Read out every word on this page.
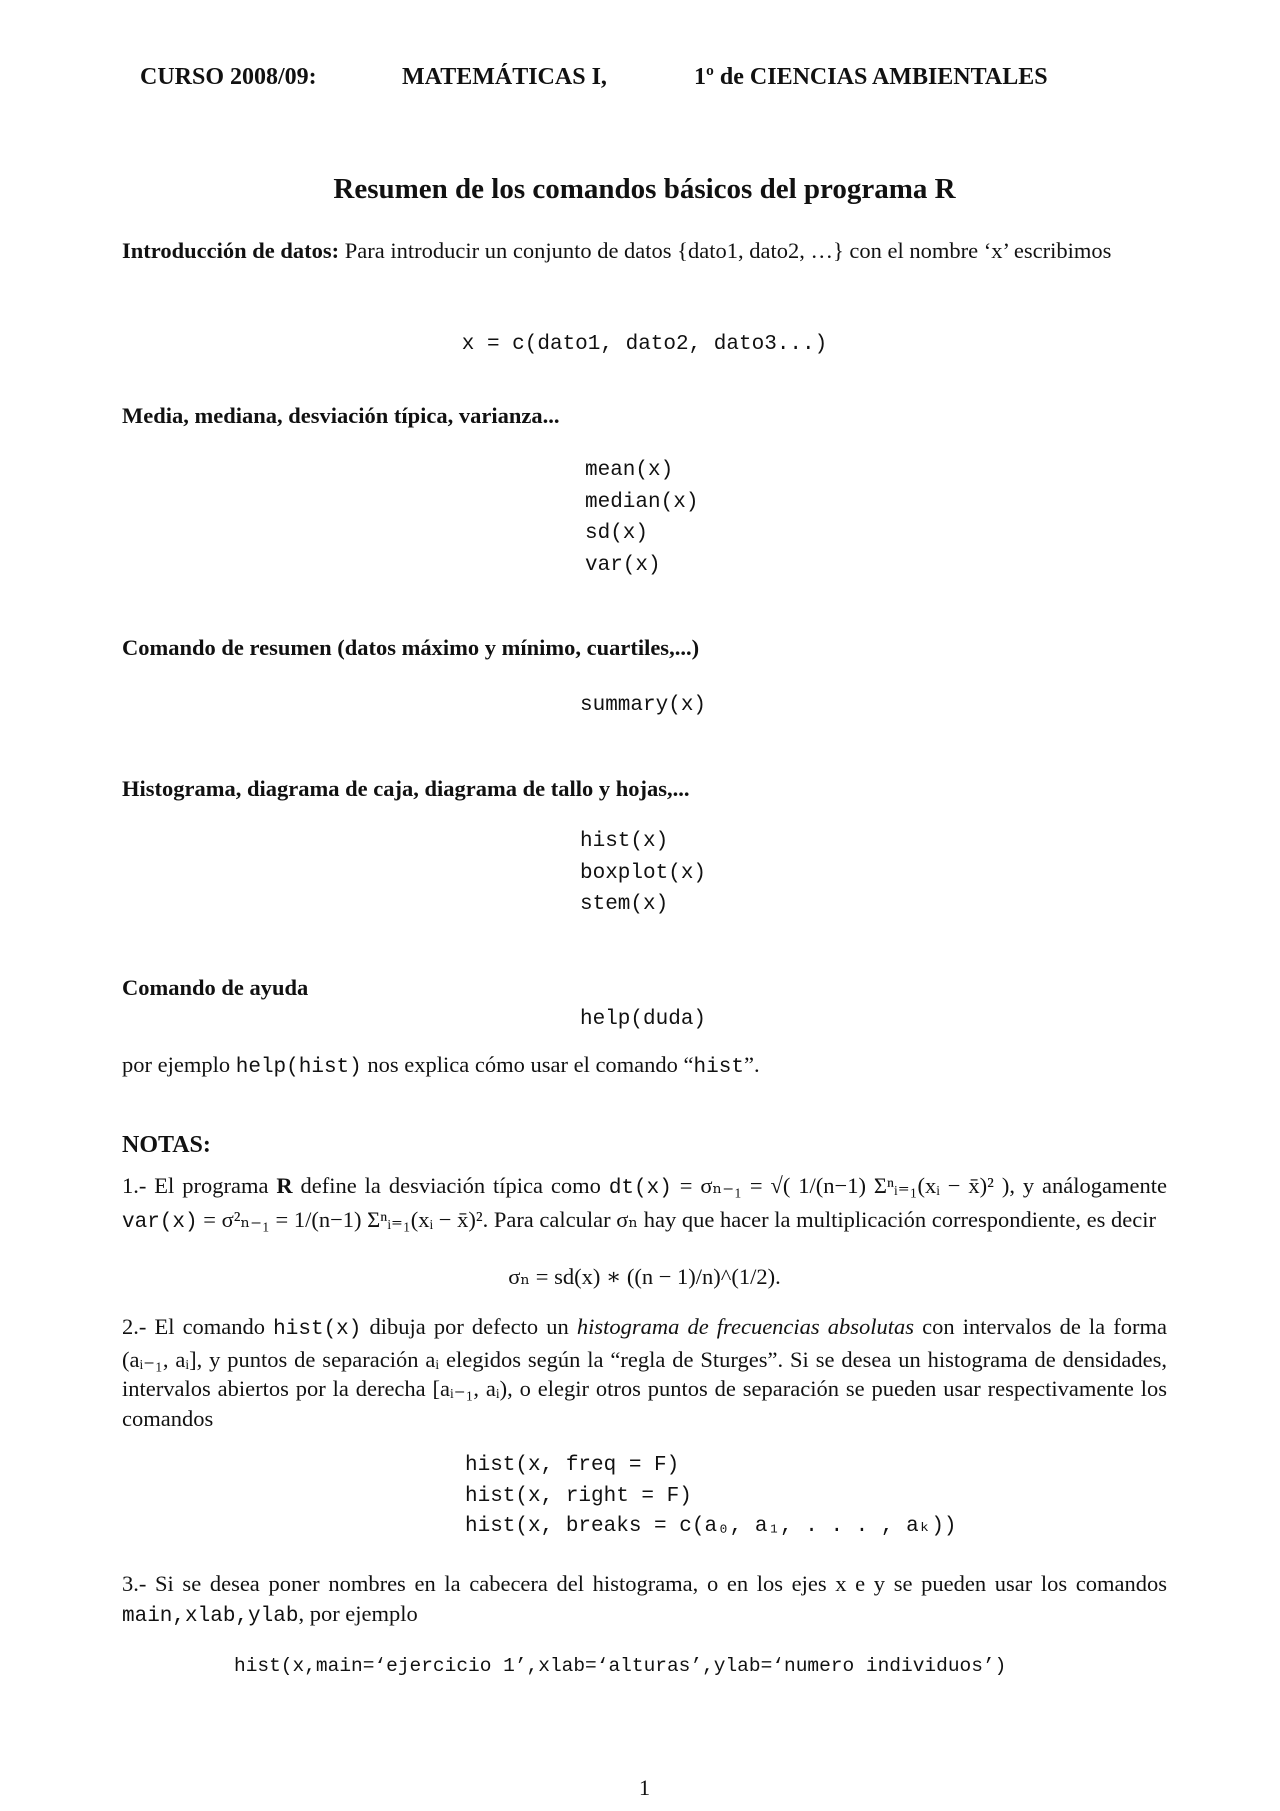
CURSO 2008/09:	MATEMÁTICAS I,	1º de CIENCIAS AMBIENTALES
Resumen de los comandos básicos del programa R
Introducción de datos: Para introducir un conjunto de datos {dato1, dato2, …} con el nombre ‘x’ escribimos
x = c(dato1, dato2, dato3...)
Media, mediana, desviación típica, varianza...
mean(x)
median(x)
sd(x)
var(x)
Comando de resumen (datos máximo y mínimo, cuartiles,...)
summary(x)
Histograma, diagrama de caja, diagrama de tallo y hojas,...
hist(x)
boxplot(x)
stem(x)
Comando de ayuda
help(duda)
por ejemplo help(hist) nos explica cómo usar el comando “hist”.
NOTAS:
1.- El programa R define la desviación típica como dt(x) = σₙ₋₁ = √( 1/(n−1) Σⁿᵢ₌₁(xᵢ − x̄)² ), y análogamente var(x) = σ²ₙ₋₁ = 1/(n−1) Σⁿᵢ₌₁(xᵢ − x̄)². Para calcular σₙ hay que hacer la multiplicación correspondiente, es decir
σₙ = sd(x) ∗ ((n − 1)/n)^(1/2).
2.- El comando hist(x) dibuja por defecto un histograma de frecuencias absolutas con intervalos de la forma (aᵢ₋₁, aᵢ], y puntos de separación aᵢ elegidos según la “regla de Sturges”. Si se desea un histograma de densidades, intervalos abiertos por la derecha [aᵢ₋₁, aᵢ), o elegir otros puntos de separación se pueden usar respectivamente los comandos
hist(x, freq = F)
hist(x, right = F)
hist(x, breaks = c(a₀, a₁, . . . , aₖ))
3.- Si se desea poner nombres en la cabecera del histograma, o en los ejes x e y se pueden usar los comandos main,xlab,ylab, por ejemplo
hist(x,main=‘ejercicio 1’,xlab=‘alturas’,ylab=‘numero individuos’)
1
